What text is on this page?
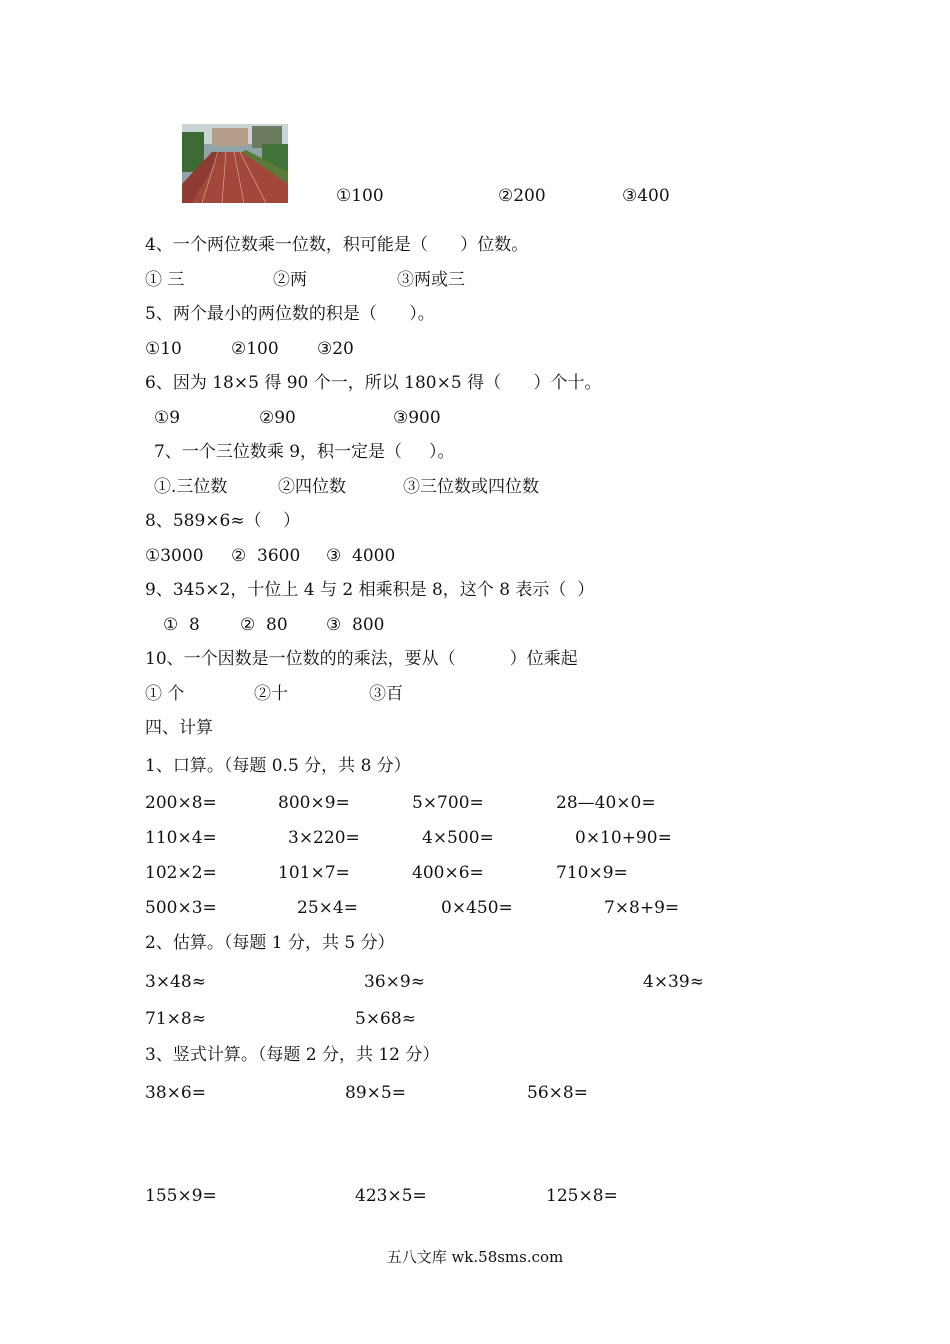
①100	②200	③400
4、一个两位数乘一位数，积可能是（      ）位数。
① 三	②两	③两或三
5、两个最小的两位数的积是（      ）。
①10	②100 ③20
6、因为 18×5 得 90 个一，所以 180×5 得（      ）个十。
①9	②90	③900
7、一个三位数乘 9，积一定是（     ）。
①.三位数	②四位数	③三位数或四位数
8、589×6≈（    ）
①3000 ②  3600 ③  4000
9、345×2，十位上 4 与 2 相乘积是 8，这个 8 表示（  ）
①  8 ②  80 ③  800
10、一个因数是一位数的的乘法，要从（          ）位乘起
① 个	②十	③百
四、计算
1、口算。（每题 0.5 分，共 8 分）
200×8=	800×9=	5×700=	28—40×0=
110×4=	3×220=	4×500=	0×10+90=
102×2=	101×7=	400×6=	710×9=
500×3=	25×4=	0×450=	7×8+9=
2、估算。（每题 1 分，共 5 分）
3×48≈	36×9≈	4×39≈
71×8≈	5×68≈
3、竖式计算。（每题 2 分，共 12 分）
38×6=	89×5=	56×8=
155×9=	423×5=	125×8=
五八文库 wk.58sms.com
